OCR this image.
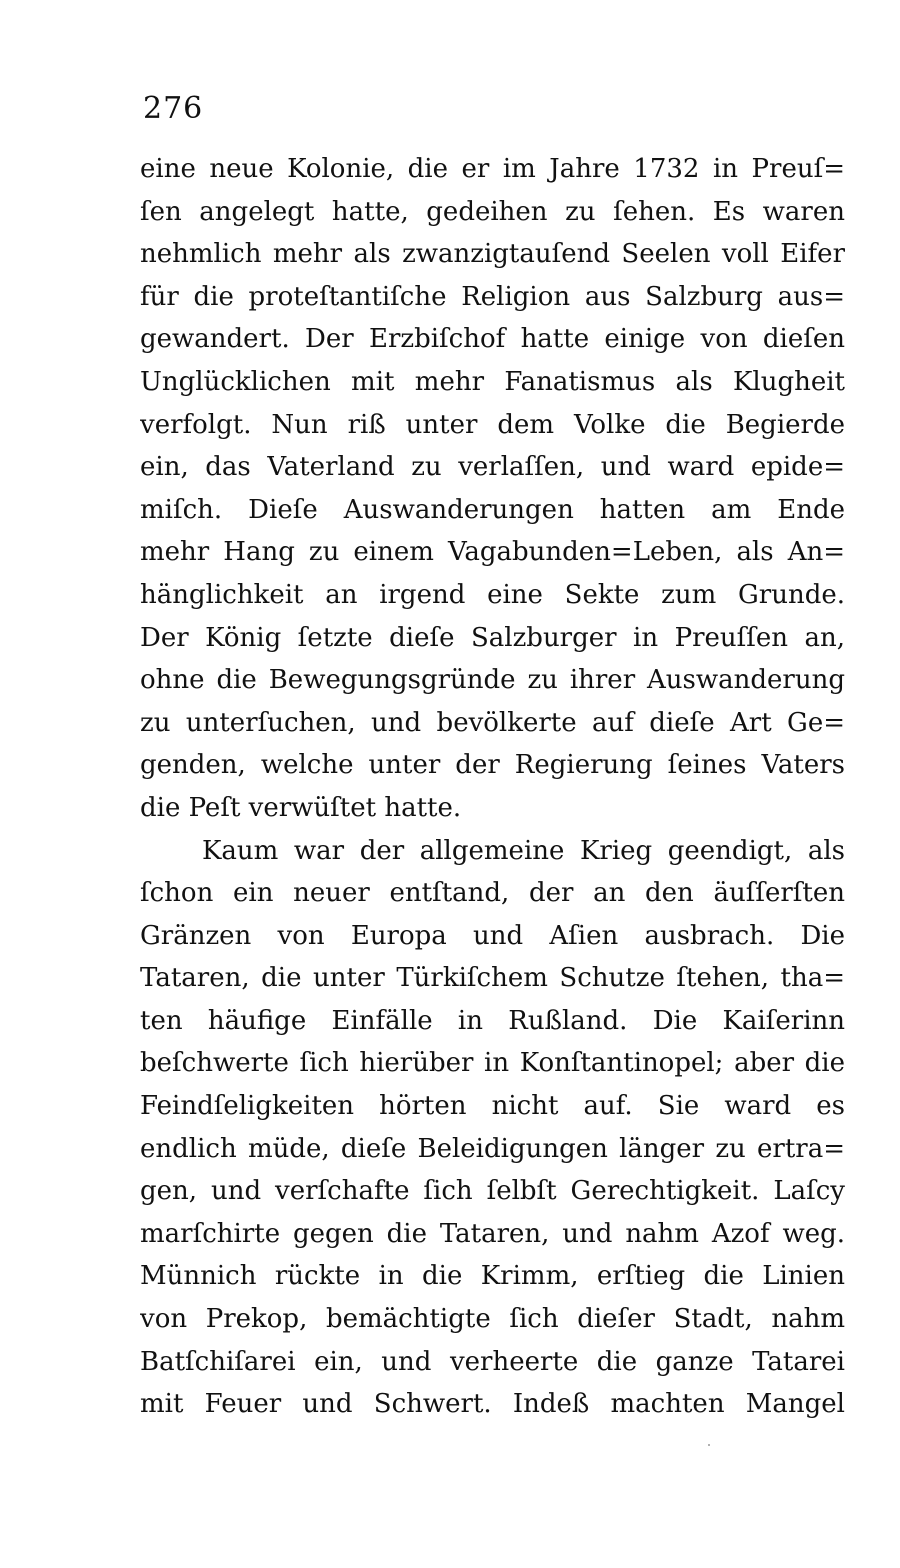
276
eine neue Kolonie, die er im Jahre 1732 in Preuſ=
ſen angelegt hatte, gedeihen zu ſehen. Es waren
nehmlich mehr als zwanzigtauſend Seelen voll Eifer
für die proteſtantiſche Religion aus Salzburg aus=
gewandert. Der Erzbiſchof hatte einige von dieſen
Unglücklichen mit mehr Fanatismus als Klugheit
verfolgt. Nun riß unter dem Volke die Begierde
ein, das Vaterland zu verlaſſen, und ward epide=
miſch. Dieſe Auswanderungen hatten am Ende
mehr Hang zu einem Vagabunden=Leben, als An=
hänglichkeit an irgend eine Sekte zum Grunde.
Der König ſetzte dieſe Salzburger in Preuſſen an,
ohne die Bewegungsgründe zu ihrer Auswanderung
zu unterſuchen, und bevölkerte auf dieſe Art Ge=
genden, welche unter der Regierung ſeines Vaters
die Peſt verwüſtet hatte.
Kaum war der allgemeine Krieg geendigt, als
ſchon ein neuer entſtand, der an den äuſſerſten
Gränzen von Europa und Aſien ausbrach. Die
Tataren, die unter Türkiſchem Schutze ſtehen, tha=
ten häufige Einfälle in Rußland. Die Kaiſerinn
beſchwerte ſich hierüber in Konſtantinopel; aber die
Feindſeligkeiten hörten nicht auf. Sie ward es
endlich müde, dieſe Beleidigungen länger zu ertra=
gen, und verſchafte ſich ſelbſt Gerechtigkeit. Laſcy
marſchirte gegen die Tataren, und nahm Azof weg.
Münnich rückte in die Krimm, erſtieg die Linien
von Prekop, bemächtigte ſich dieſer Stadt, nahm
Batſchiſarei ein, und verheerte die ganze Tatarei
mit Feuer und Schwert. Indeß machten Mangel
